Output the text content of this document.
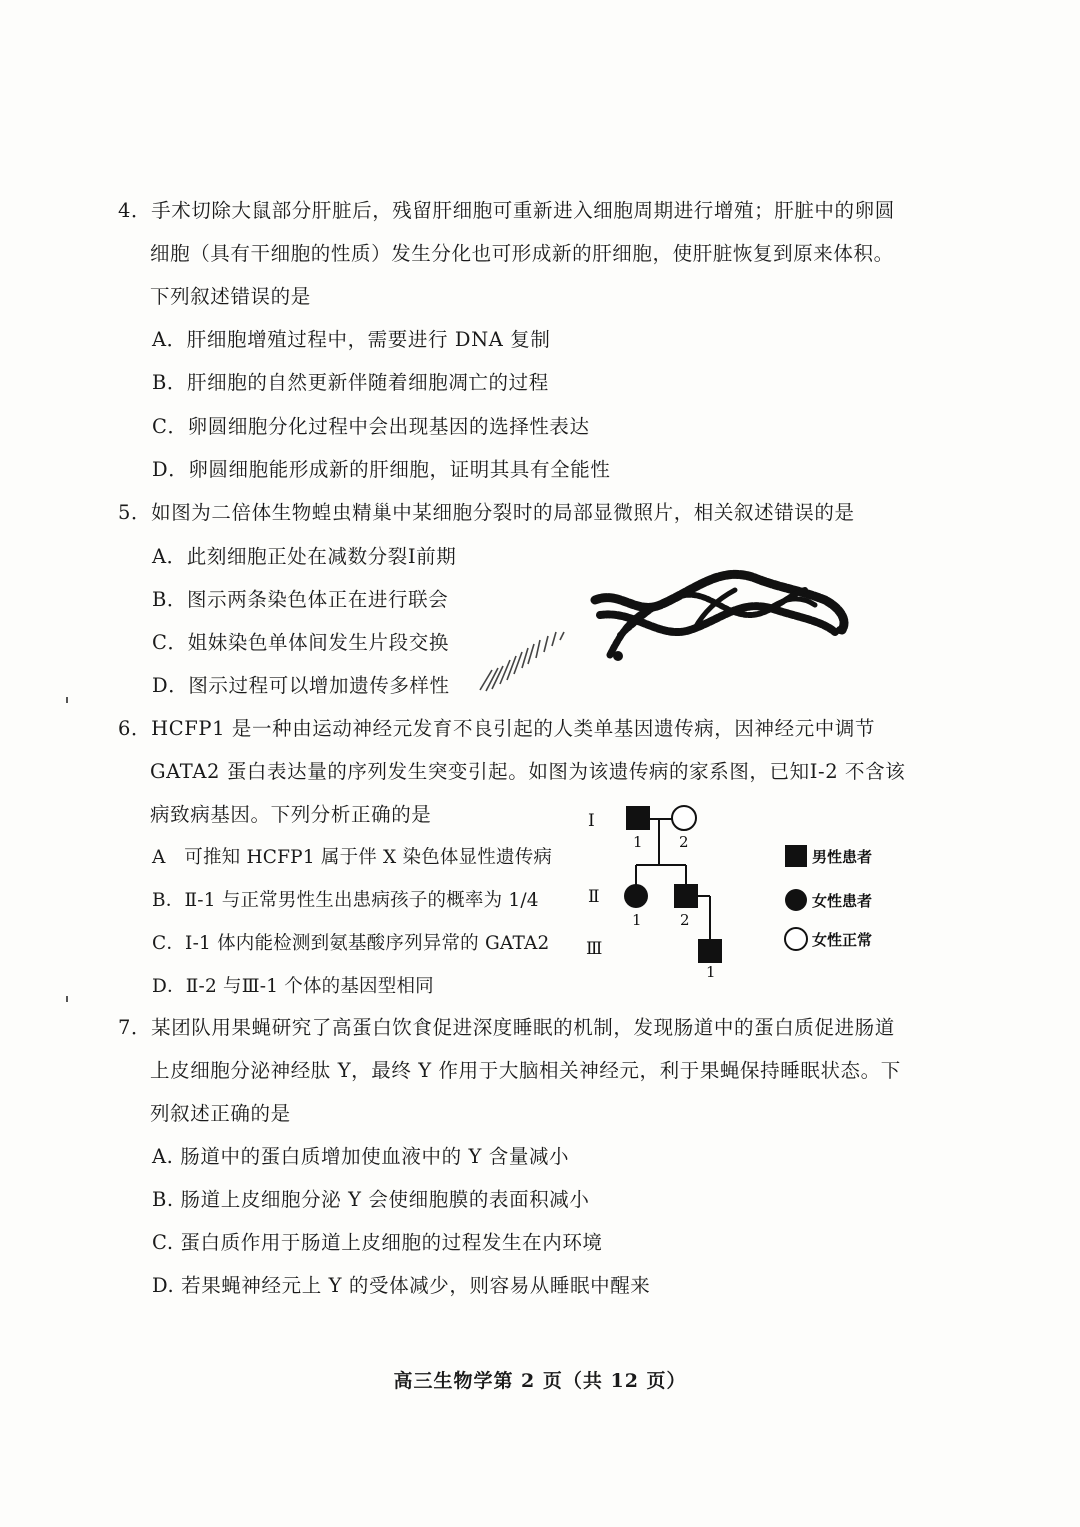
4．手术切除大鼠部分肝脏后，残留肝细胞可重新进入细胞周期进行增殖；肝脏中的卵圆
细胞（具有干细胞的性质）发生分化也可形成新的肝细胞，使肝脏恢复到原来体积。
下列叙述错误的是
A．肝细胞增殖过程中，需要进行 DNA 复制
B．肝细胞的自然更新伴随着细胞凋亡的过程
C．卵圆细胞分化过程中会出现基因的选择性表达
D．卵圆细胞能形成新的肝细胞，证明其具有全能性
5．如图为二倍体生物蝗虫精巢中某细胞分裂时的局部显微照片，相关叙述错误的是
A．此刻细胞正处在减数分裂Ⅰ前期
B．图示两条染色体正在进行联会
C．姐妹染色单体间发生片段交换
D．图示过程可以增加遗传多样性
6．HCFP1 是一种由运动神经元发育不良引起的人类单基因遗传病，因神经元中调节
GATA2 蛋白表达量的序列发生突变引起。如图为该遗传病的家系图，已知Ⅰ-2 不含该
病致病基因。下列分析正确的是
A　可推知 HCFP1 属于伴 X 染色体显性遗传病
B．Ⅱ-1 与正常男性生出患病孩子的概率为 1/4
C．Ⅰ-1 体内能检测到氨基酸序列异常的 GATA2
D．Ⅱ-2 与Ⅲ-1 个体的基因型相同
Ⅰ
Ⅱ
Ⅲ
1 2
1	2
1
男性患者
女性患者
女性正常
7．某团队用果蝇研究了高蛋白饮食促进深度睡眠的机制，发现肠道中的蛋白质促进肠道
上皮细胞分泌神经肽 Y，最终 Y 作用于大脑相关神经元，利于果蝇保持睡眠状态。下
列叙述正确的是
A. 肠道中的蛋白质增加使血液中的 Y 含量减小
B. 肠道上皮细胞分泌 Y 会使细胞膜的表面积减小
C. 蛋白质作用于肠道上皮细胞的过程发生在内环境
D. 若果蝇神经元上 Y 的受体减少，则容易从睡眠中醒来
高三生物学第 2 页（共 12 页）
